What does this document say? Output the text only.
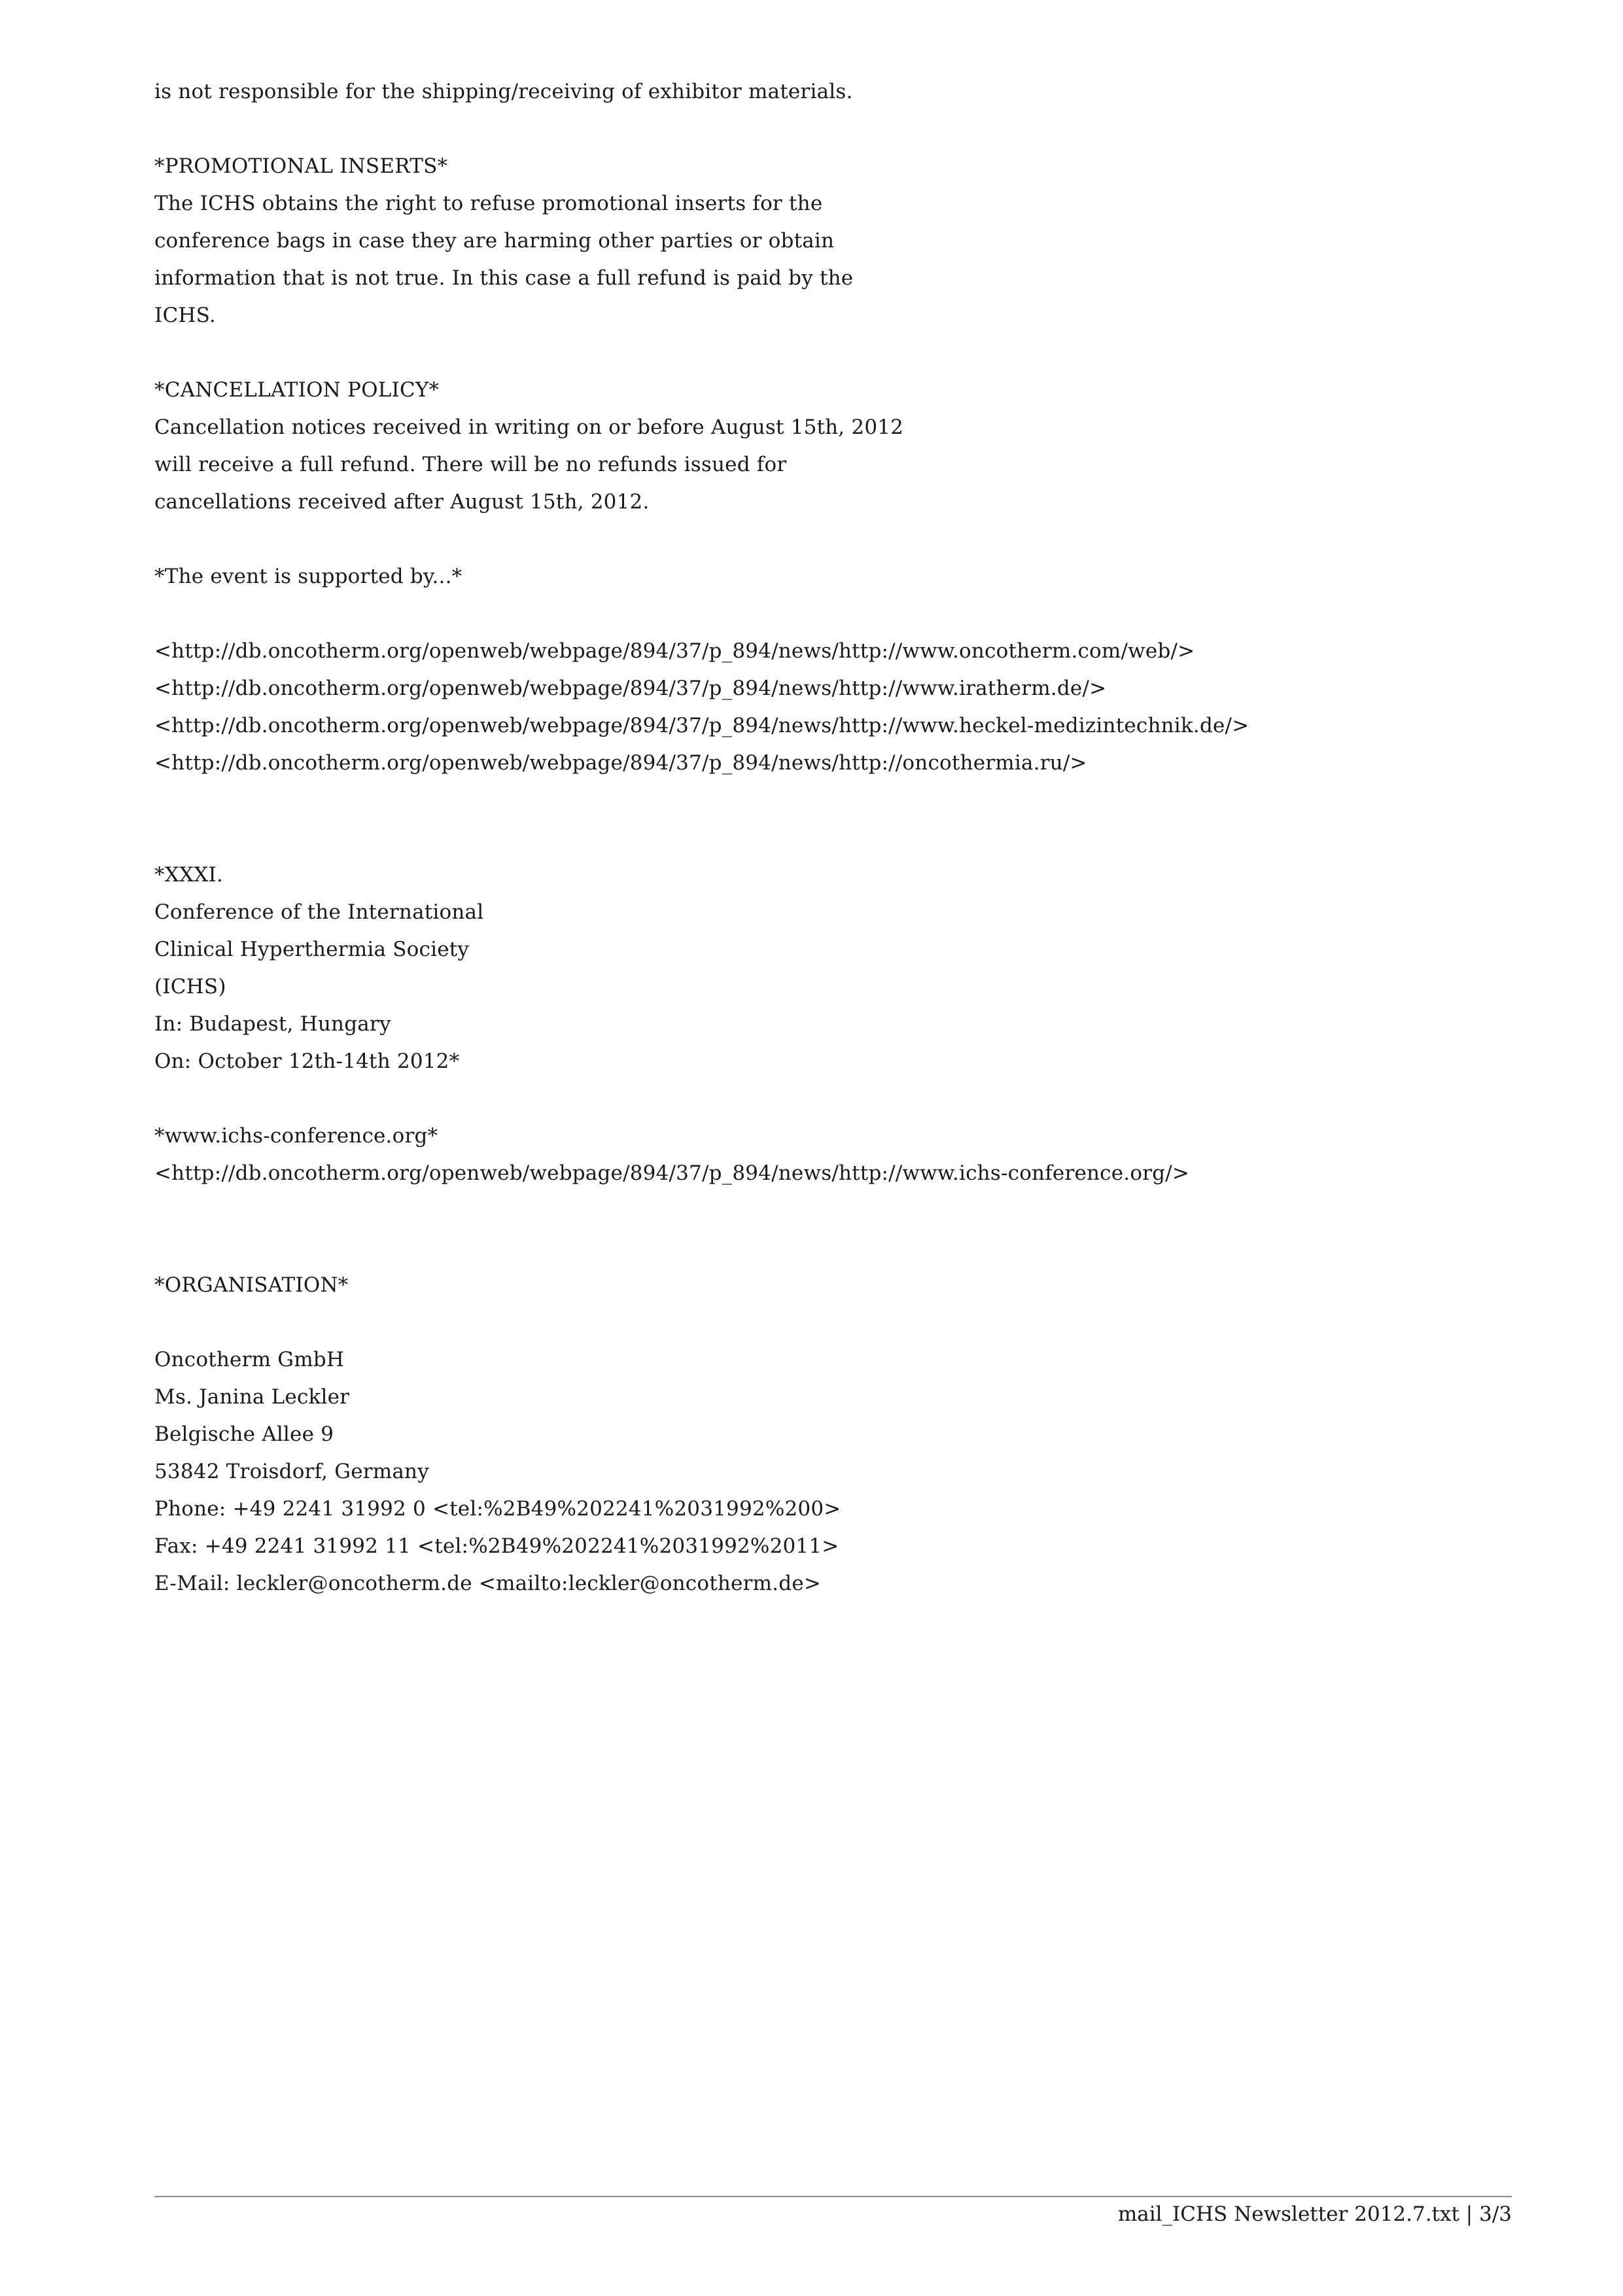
is not responsible for the shipping/receiving of exhibitor materials.
*PROMOTIONAL INSERTS*
The ICHS obtains the right to refuse promotional inserts for the
conference bags in case they are harming other parties or obtain
information that is not true. In this case a full refund is paid by the
ICHS.
*CANCELLATION POLICY*
Cancellation notices received in writing on or before August 15th, 2012
will receive a full refund. There will be no refunds issued for
cancellations received after August 15th, 2012.
*The event is supported by...*
<http://db.oncotherm.org/openweb/webpage/894/37/p_894/news/http://www.oncotherm.com/web/>
<http://db.oncotherm.org/openweb/webpage/894/37/p_894/news/http://www.iratherm.de/>
<http://db.oncotherm.org/openweb/webpage/894/37/p_894/news/http://www.heckel-medizintechnik.de/>
<http://db.oncotherm.org/openweb/webpage/894/37/p_894/news/http://oncothermia.ru/>
*XXXI.
Conference of the International
Clinical Hyperthermia Society
(ICHS)
In: Budapest, Hungary
On: October 12th-14th 2012*
*www.ichs-conference.org*
<http://db.oncotherm.org/openweb/webpage/894/37/p_894/news/http://www.ichs-conference.org/>
*ORGANISATION*
Oncotherm GmbH
Ms. Janina Leckler
Belgische Allee 9
53842 Troisdorf, Germany
Phone: +49 2241 31992 0 <tel:%2B49%202241%2031992%200>
Fax: +49 2241 31992 11 <tel:%2B49%202241%2031992%2011>
E-Mail: leckler@oncotherm.de <mailto:leckler@oncotherm.de>
mail_ICHS Newsletter 2012.7.txt | 3/3
